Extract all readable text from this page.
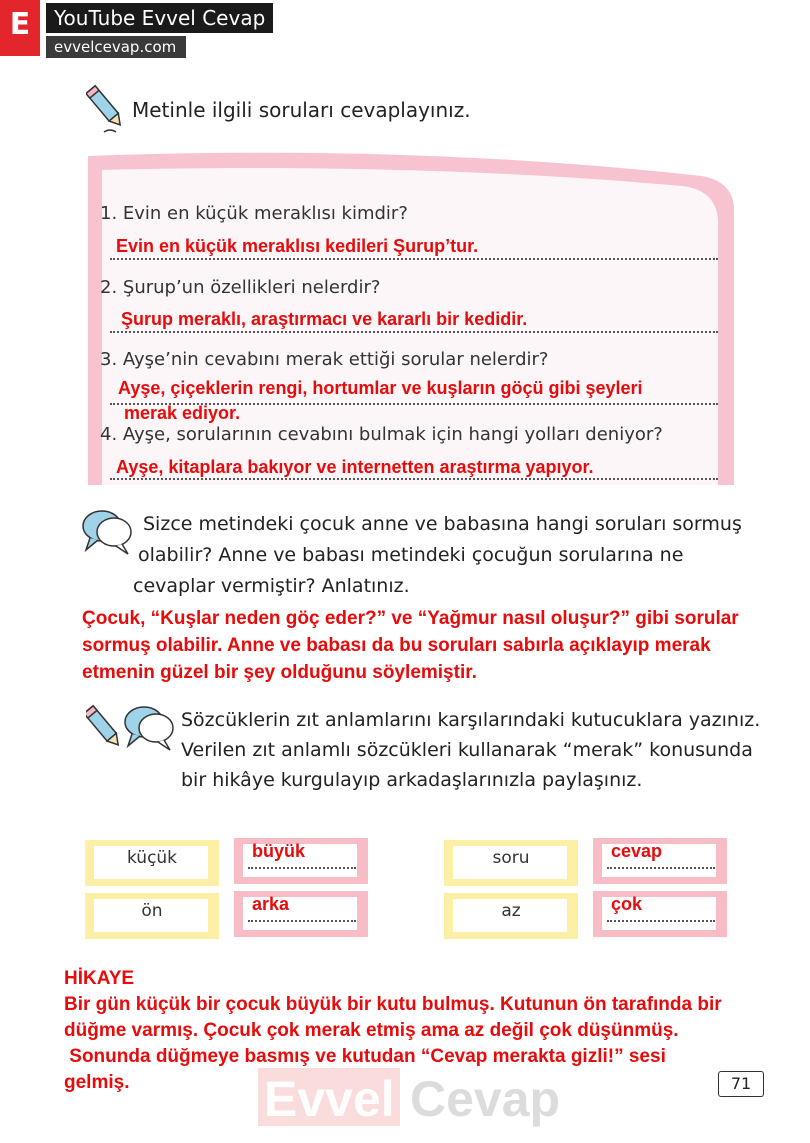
E	YouTube Evvel Cevap
evvelcevap.com
Metinle ilgili soruları cevaplayınız.
1. Evin en küçük meraklısı kimdir?
Evin en küçük meraklısı kedileri Şurup’tur.
2. Şurup’un özellikleri nelerdir?
Şurup meraklı, araştırmacı ve kararlı bir kedidir.
3. Ayşe’nin cevabını merak ettiği sorular nelerdir?
Ayşe, çiçeklerin rengi, hortumlar ve kuşların göçü gibi şeyleri
merak ediyor.
4. Ayşe, sorularının cevabını bulmak için hangi yolları deniyor?
Ayşe, kitaplara bakıyor ve internetten araştırma yapıyor.
Sizce metindeki çocuk anne ve babasına hangi soruları sormuş
olabilir? Anne ve babası metindeki çocuğun sorularına ne
cevaplar vermiştir? Anlatınız.
Çocuk, “Kuşlar neden göç eder?” ve “Yağmur nasıl oluşur?” gibi sorular
sormuş olabilir. Anne ve babası da bu soruları sabırla açıklayıp merak
etmenin güzel bir şey olduğunu söylemiştir.
Sözcüklerin zıt anlamlarını karşılarındaki kutucuklara yazınız.
Verilen zıt anlamlı sözcükleri kullanarak “merak” konusunda
bir hikâye kurgulayıp arkadaşlarınızla paylaşınız.
küçük	büyük
ön	arka
soru	cevap
az	çok
Evvel Cevap
HİKAYE
Bir gün küçük bir çocuk büyük bir kutu bulmuş. Kutunun ön tarafında bir
düğme varmış. Çocuk çok merak etmiş ama az değil çok düşünmüş.
Sonunda düğmeye basmış ve kutudan “Cevap merakta gizli!” sesi
gelmiş.	71
